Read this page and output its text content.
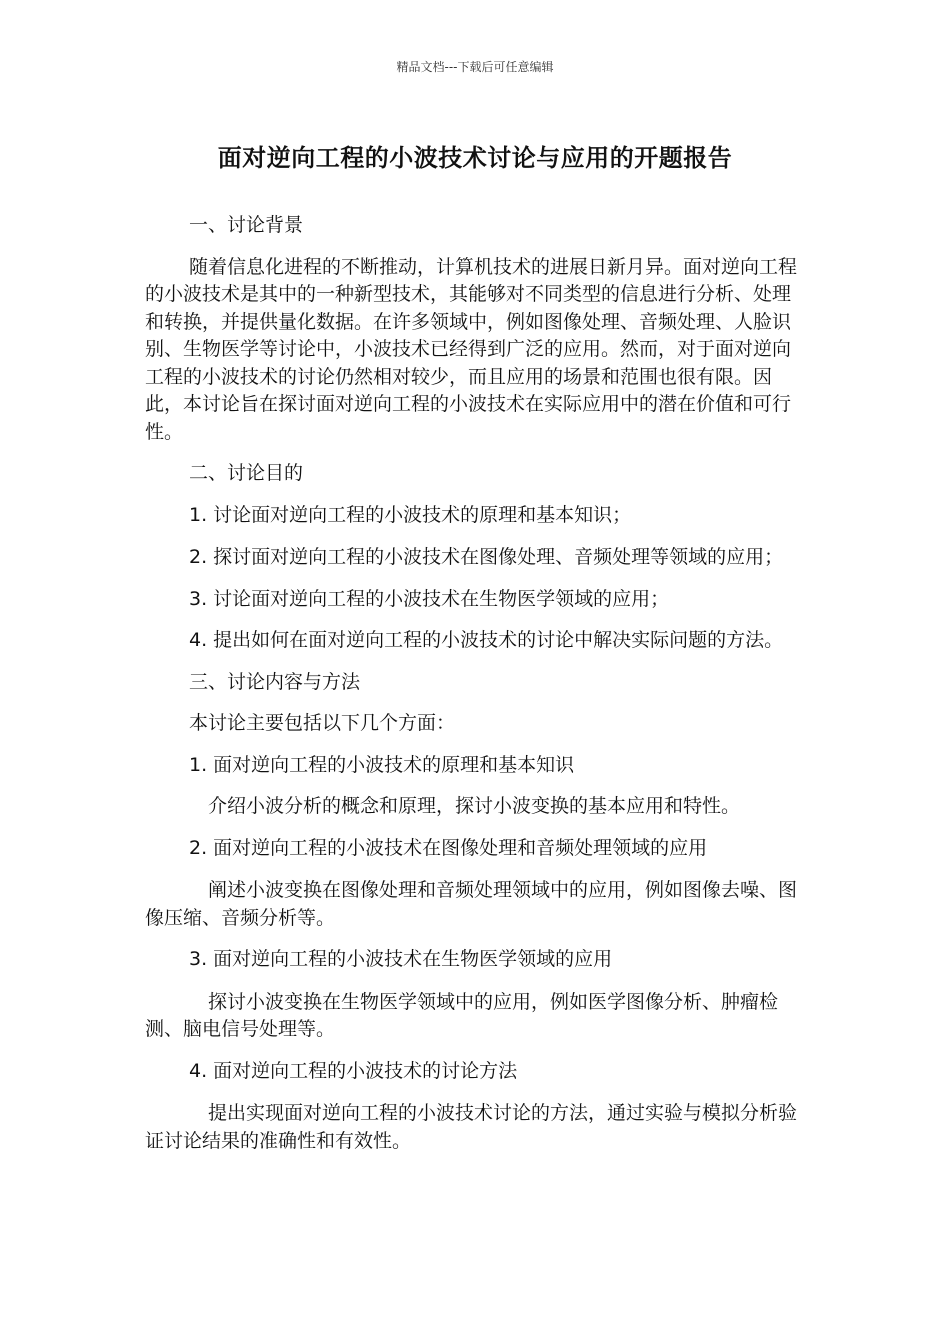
精品文档---下载后可任意编辑
面对逆向工程的小波技术讨论与应用的开题报告

一、讨论背景

随着信息化进程的不断推动，计算机技术的进展日新月异。面对逆向工程的小波技术是其中的一种新型技术，其能够对不同类型的信息进行分析、处理和转换，并提供量化数据。在许多领域中，例如图像处理、音频处理、人脸识别、生物医学等讨论中，小波技术已经得到广泛的应用。然而，对于面对逆向工程的小波技术的讨论仍然相对较少，而且应用的场景和范围也很有限。因此，本讨论旨在探讨面对逆向工程的小波技术在实际应用中的潜在价值和可行性。

二、讨论目的

1. 讨论面对逆向工程的小波技术的原理和基本知识；

2. 探讨面对逆向工程的小波技术在图像处理、音频处理等领域的应用；

3. 讨论面对逆向工程的小波技术在生物医学领域的应用；

4. 提出如何在面对逆向工程的小波技术的讨论中解决实际问题的方法。

三、讨论内容与方法

本讨论主要包括以下几个方面：

1. 面对逆向工程的小波技术的原理和基本知识

介绍小波分析的概念和原理，探讨小波变换的基本应用和特性。

2. 面对逆向工程的小波技术在图像处理和音频处理领域的应用

阐述小波变换在图像处理和音频处理领域中的应用，例如图像去噪、图像压缩、音频分析等。

3. 面对逆向工程的小波技术在生物医学领域的应用

探讨小波变换在生物医学领域中的应用，例如医学图像分析、肿瘤检测、脑电信号处理等。

4. 面对逆向工程的小波技术的讨论方法

提出实现面对逆向工程的小波技术讨论的方法，通过实验与模拟分析验证讨论结果的准确性和有效性。
